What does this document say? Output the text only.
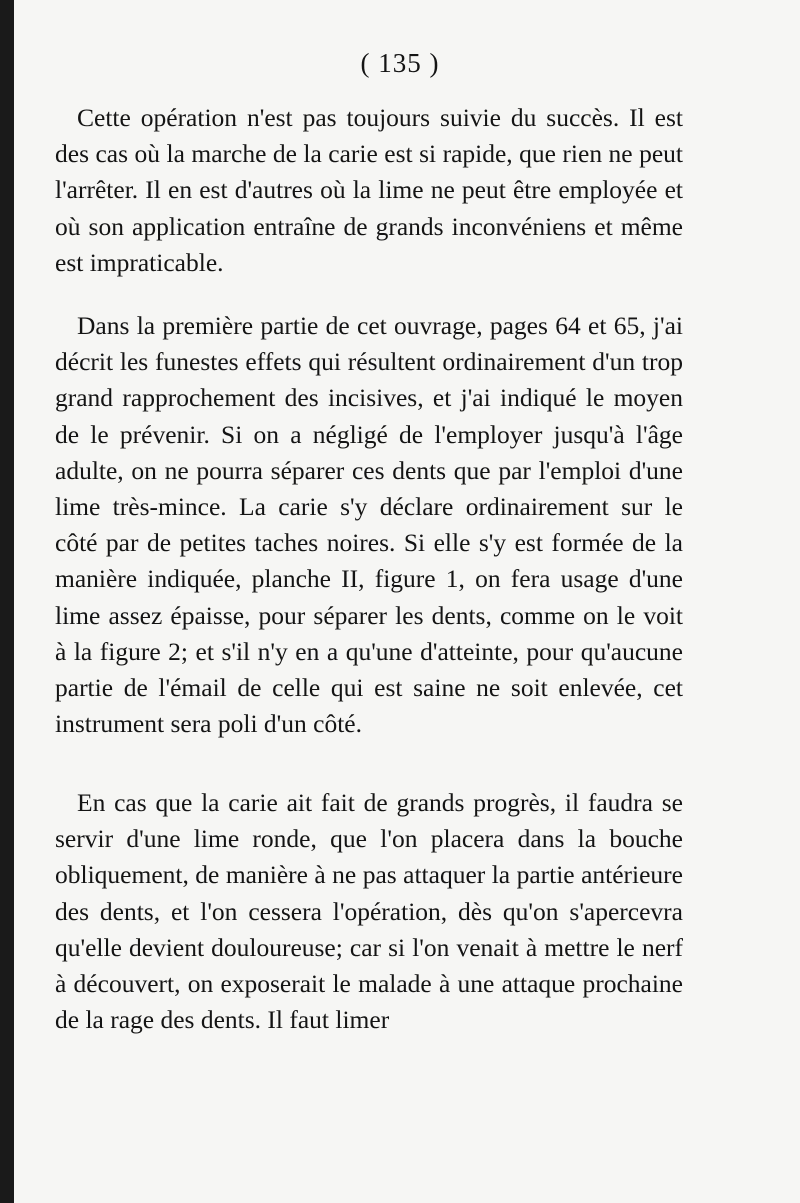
( 135 )

Cette opération n'est pas toujours suivie du succès. Il est des cas où la marche de la carie est si rapide, que rien ne peut l'arrêter. Il en est d'autres où la lime ne peut être employée et où son application entraîne de grands inconvéniens et même est impraticable.

Dans la première partie de cet ouvrage, pages 64 et 65, j'ai décrit les funestes effets qui résultent ordinairement d'un trop grand rapprochement des incisives, et j'ai indiqué le moyen de le prévenir. Si on a négligé de l'employer jusqu'à l'âge adulte, on ne pourra séparer ces dents que par l'emploi d'une lime très-mince. La carie s'y déclare ordinairement sur le côté par de petites taches noires. Si elle s'y est formée de la manière indiquée, planche II, figure 1, on fera usage d'une lime assez épaisse, pour séparer les dents, comme on le voit à la figure 2; et s'il n'y en a qu'une d'atteinte, pour qu'aucune partie de l'émail de celle qui est saine ne soit enlevée, cet instrument sera poli d'un côté.

En cas que la carie ait fait de grands progrès, il faudra se servir d'une lime ronde, que l'on placera dans la bouche obliquement, de manière à ne pas attaquer la partie antérieure des dents, et l'on cessera l'opération, dès qu'on s'apercevra qu'elle devient douloureuse; car si l'on venait à mettre le nerf à découvert, on exposerait le malade à une attaque prochaine de la rage des dents. Il faut limer
